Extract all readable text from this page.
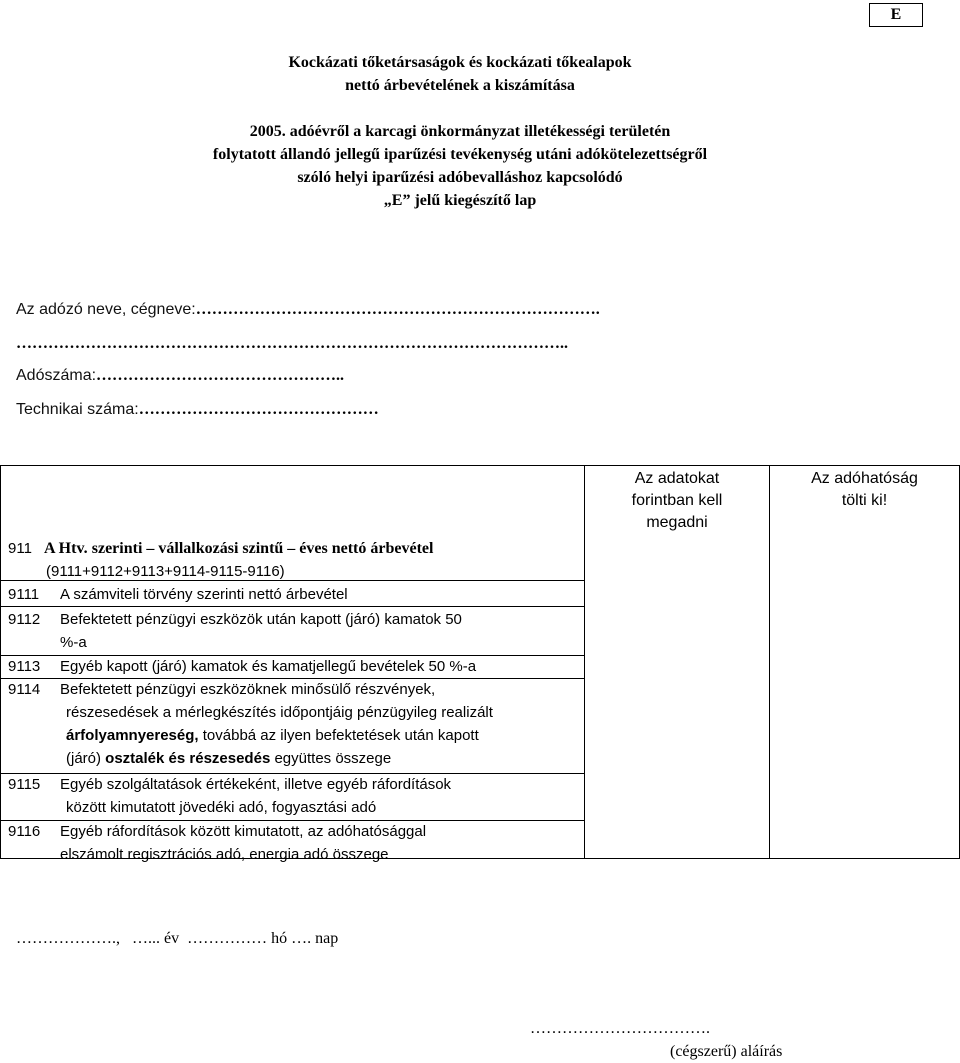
E
Kockázati tőketársaságok és kockázati tőkealapok
nettó árbevételének a kiszámítása
2005. adóévről a karcagi önkormányzat illetékességi területén
folytatott állandó jellegű iparűzési tevékenység utáni adókötelezettségről
szóló helyi iparűzési adóbevalláshoz kapcsolódó
„E” jelű kiegészítő lap

Az adózó neve, cégneve:………………………………………………………………….

…………………………………………………………………………………………..

Adószáma:………………………………………..

Technikai száma:………………………………………

Az adatokat
forintban kell
megadni
Az adóhatóság
tölti ki!
911 A Htv. szerinti – vállalkozási szintű – éves nettó árbevétel
(9111+9112+9113+9114-9115-9116)
9111 A számviteli törvény szerinti nettó árbevétel
9112 Befektetett pénzügyi eszközök után kapott (járó) kamatok 50
%-a
9113 Egyéb kapott (járó) kamatok és kamatjellegű bevételek 50 %-a
9114 Befektetett pénzügyi eszközöknek minősülő részvények,
részesedések a mérlegkészítés időpontjáig pénzügyileg realizált
árfolyamnyereség, továbbá az ilyen befektetések után kapott
(járó) osztalék és részesedés együttes összege
9115 Egyéb szolgáltatások értékeként, illetve egyéb ráfordítások
között kimutatott jövedéki adó, fogyasztási adó
9116 Egyéb ráfordítások között kimutatott, az adóhatósággal
elszámolt regisztrációs adó, energia adó összege

……………….,   …... év  …………… hó …. nap

…………………………….

(cégszerű) aláírás
